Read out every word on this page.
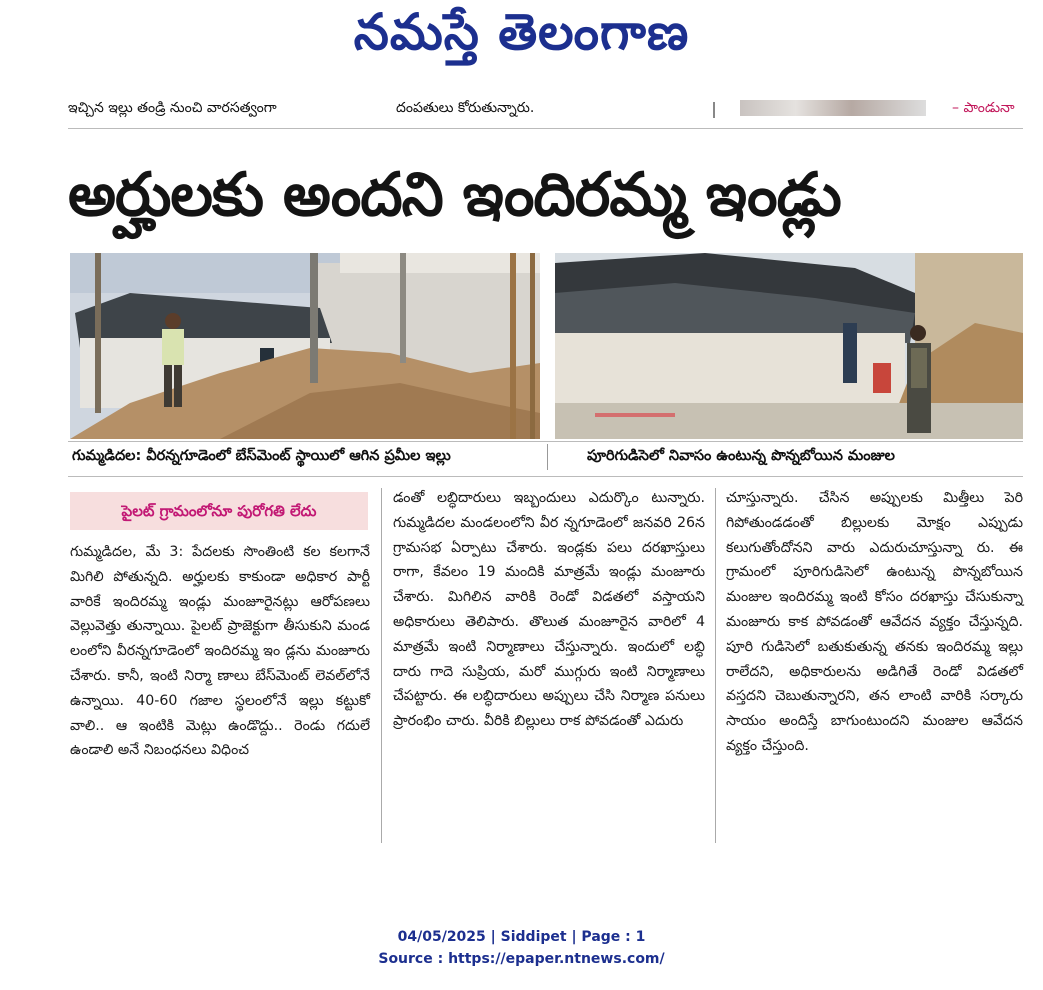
నమస్తే తెలంగాణ
ఇచ్చిన ఇల్లు తండ్రి నుంచి వారసత్వంగా	దంపతులు కోరుతున్నారు.	– పాండునా
అర్హులకు అందని ఇందిరమ్మ ఇండ్లు
గుమ్మడిదల: వీరన్నగూడెంలో బేస్‌మెంట్ స్థాయిలో ఆగిన ప్రమీల ఇల్లు	పూరిగుడిసెలో నివాసం ఉంటున్న పొన్నబోయిన మంజుల
పైలట్ గ్రామంలోనూ పురోగతి లేదు

గుమ్మడిదల, మే 3: పేదలకు సొంతింటి కల కలగానే మిగిలి పోతున్నది. అర్హులకు కాకుండా అధికార పార్టీ వారికే ఇందిరమ్మ ఇండ్లు మంజూరైనట్లు ఆరోపణలు వెల్లువెత్తు తున్నాయి. పైలట్ ప్రాజెక్టుగా తీసుకుని మండ లంలోని వీరన్నగూడెంలో ఇందిరమ్మ ఇం డ్లను మంజూరు చేశారు. కానీ, ఇంటి నిర్మా ణాలు బేస్‌మెంట్ లెవల్‌లోనే ఉన్నాయి. 40-60 గజాల స్థలంలోనే ఇల్లు కట్టుకో వాలి.. ఆ ఇంటికి మెట్లు ఉండొద్దు.. రెండు గదులే ఉండాలి అనే నిబంధనలు విధించ

డంతో లబ్ధిదారులు ఇబ్బందులు ఎదుర్కొం టున్నారు. గుమ్మడిదల మండలంలోని వీర న్నగూడెంలో జనవరి 26న గ్రామసభ ఏర్పాటు చేశారు. ఇండ్లకు పలు దరఖాస్తులు రాగా, కేవలం 19 మందికి మాత్రమే ఇండ్లు మంజూరు చేశారు. మిగిలిన వారికి రెండో విడతలో వస్తాయని అధికారులు తెలిపారు. తొలుత మంజూరైన వారిలో 4 మాత్రమే ఇంటి నిర్మాణాలు చేస్తున్నారు. ఇందులో లబ్ధి దారు గాదె సుప్రియ, మరో ముగ్గురు ఇంటి నిర్మాణాలు చేపట్టారు. ఈ లబ్ధిదారులు అప్పులు చేసి నిర్మాణ పనులు ప్రారంభిం చారు. వీరికి బిల్లులు రాక పోవడంతో ఎదురు

చూస్తున్నారు. చేసిన అప్పులకు మిత్తీలు పెరి గిపోతుండడంతో బిల్లులకు మోక్షం ఎప్పుడు కలుగుతోందోనని వారు ఎదురుచూస్తున్నా రు. ఈ గ్రామంలో పూరిగుడిసెలో ఉంటున్న పొన్నబోయిన మంజుల ఇందిరమ్మ ఇంటి కోసం దరఖాస్తు చేసుకున్నా మంజూరు కాక పోవడంతో ఆవేదన వ్యక్తం చేస్తున్నది. పూరి గుడిసెలో బతుకుతున్న తనకు ఇందిరమ్మ ఇల్లు రాలేదని, అధికారులను అడిగితే రెండో విడతలో వస్తదని చెబుతున్నారని, తన లాంటి వారికి సర్కారు సాయం అందిస్తే బాగుంటుందని మంజుల ఆవేదన వ్యక్తం చేస్తుంది.

04/05/2025 | Siddipet | Page : 1
Source : https://epaper.ntnews.com/
